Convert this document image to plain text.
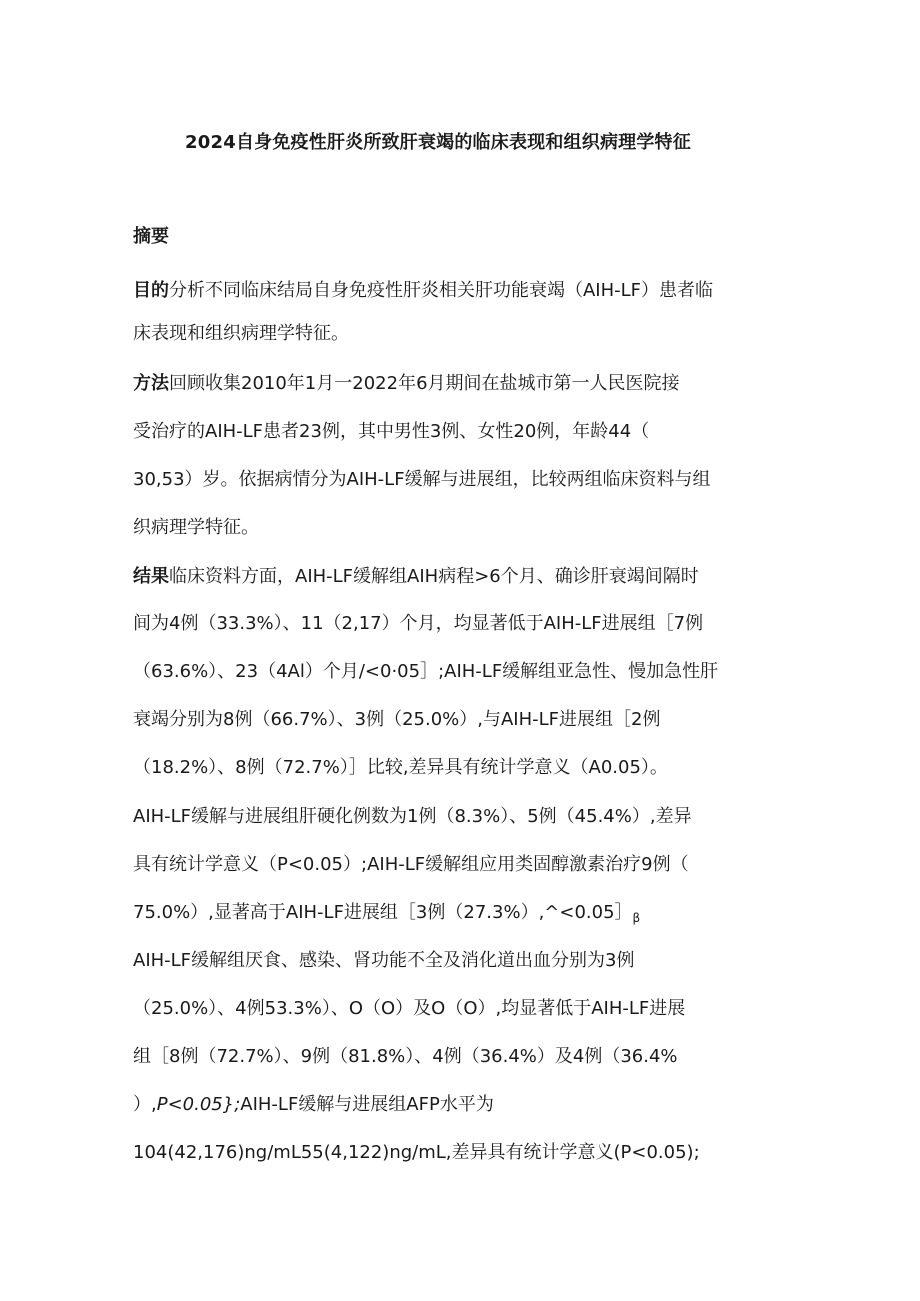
2024自身免疫性肝炎所致肝衰竭的临床表现和组织病理学特征
摘要
目的分析不同临床结局自身免疫性肝炎相关肝功能衰竭（AIH-LF）患者临
床表现和组织病理学特征。
方法回顾收集2010年1月一2022年6月期间在盐城市第一人民医院接
受治疗的AIH-LF患者23例，其中男性3例、女性20例，年龄44（
30,53）岁。依据病情分为AIH-LF缓解与进展组，比较两组临床资料与组
织病理学特征。
结果临床资料方面，AIH-LF缓解组AIH病程>6个月、确诊肝衰竭间隔时
间为4例（33.3%）、11（2,17）个月，均显著低于AIH-LF进展组［7例
（63.6%）、23（4Al）个月/<0·05］;AIH-LF缓解组亚急性、慢加急性肝
衰竭分别为8例（66.7%）、3例（25.0%）,与AIH-LF进展组［2例
（18.2%）、8例（72.7%）］比较,差异具有统计学意义（A0.05）。
AIH-LF缓解与进展组肝硬化例数为1例（8.3%）、5例（45.4%）,差异
具有统计学意义（P<0.05）;AIH-LF缓解组应用类固醇激素治疗9例（
75.0%）,显著高于AIH-LF进展组［3例$(27.3\%),\^{}<0.05]_\beta$
AIH-LF缓解组厌食、感染、肾功能不全及消化道出血分别为3例
（25.0%）、4例53.3%）、O（O）及O（O）,均显著低于AIH-LF进展
组［8例（72.7%）、9例（81.8%）、4例（36.4%）及4例（36.4%
）,P<0.05};AIH-LF缓解与进展组AFP水平为
104(42,176)ng/mL55(4,122)ng/mL,差异具有统计学意义(P<0.05);
